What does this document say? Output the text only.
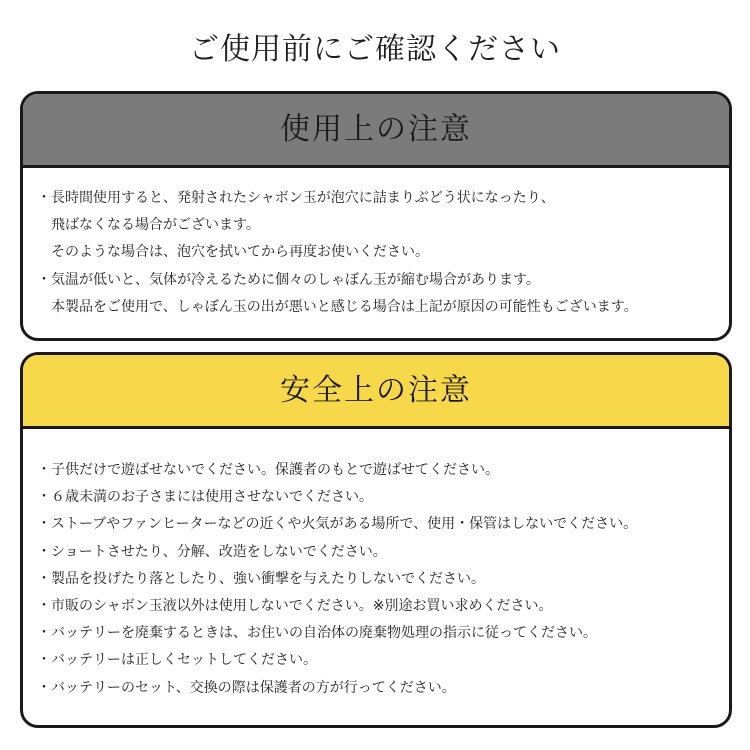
ご使用前にご確認ください
使用上の注意
・ 長時間使用すると、発射されたシャボン玉が泡穴に詰まりぶどう状になったり、
飛ばなくなる場合がございます。
そのような場合は、泡穴を拭いてから再度お使いください。
・ 気温が低いと、気体が冷えるために個々のしゃぼん玉が縮む場合があります。
本製品をご使用で、しゃぼん玉の出が悪いと感じる場合は上記が原因の可能性もございます。
安全上の注意
・ 子供だけで遊ばせないでください。保護者のもとで遊ばせてください。
・ ６歳未満のお子さまには使用させないでください。
・ ストーブやファンヒーターなどの近くや火気がある場所で、使用・保管はしないでください。
・ ショートさせたり、分解、改造をしないでください。
・ 製品を投げたり落としたり、強い衝撃を与えたりしないでください。
・ 市販のシャボン玉液以外は使用しないでください。※別途お買い求めください。
・ バッテリーを廃棄するときは、お住いの自治体の廃棄物処理の指示に従ってください。
・ バッテリーは正しくセットしてください。
・ バッテリーのセット、交換の際は保護者の方が行ってください。
